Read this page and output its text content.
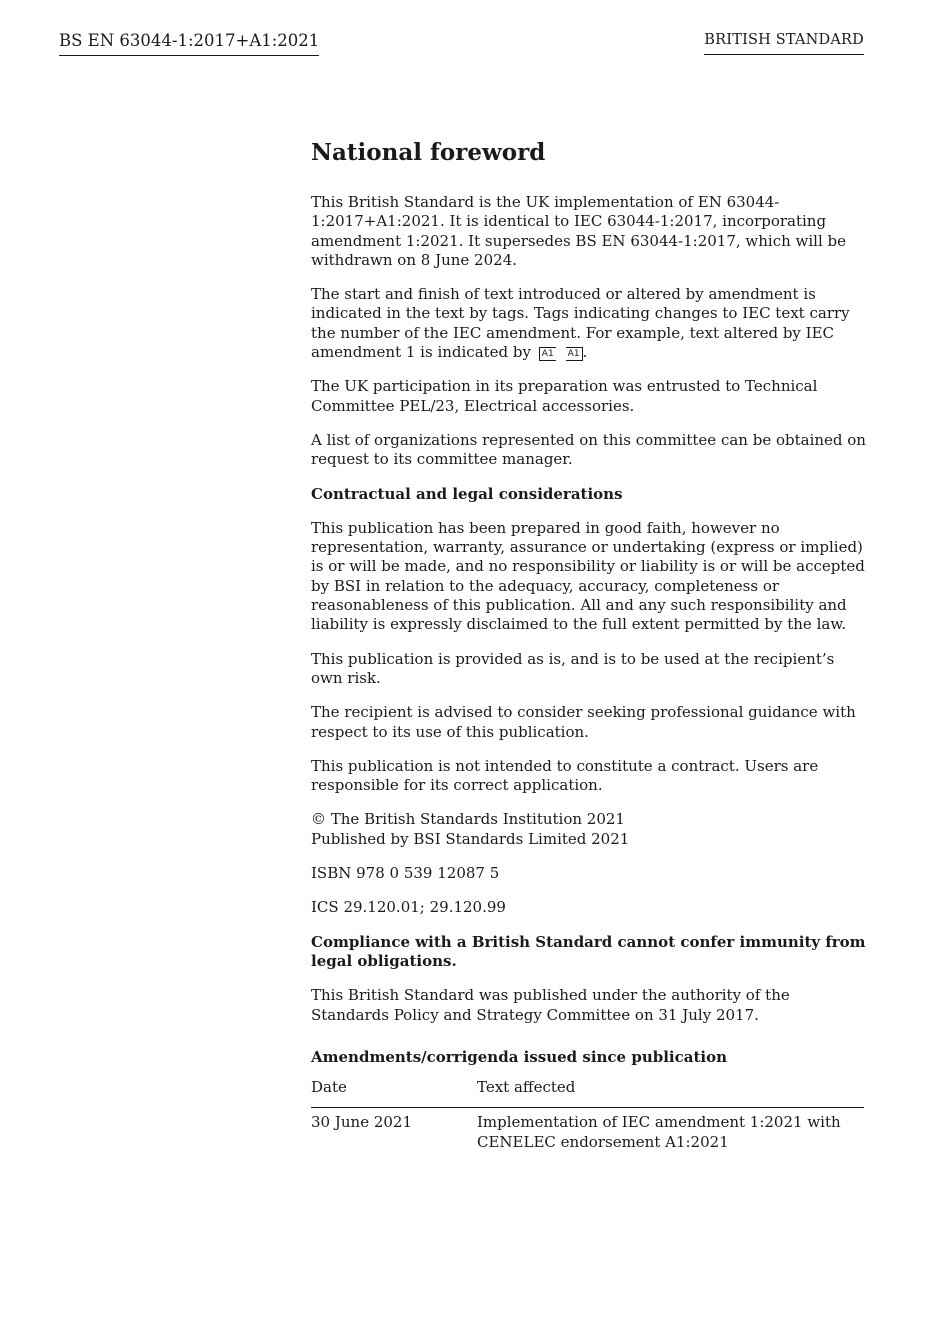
BS EN 63044-1:2017+A1:2021	BRITISH STANDARD
National foreword

This British Standard is the UK implementation of EN 63044-1:2017+A1:2021. It is identical to IEC 63044-1:2017, incorporating amendment 1:2021. It supersedes BS EN 63044-1:2017, which will be withdrawn on 8 June 2024.

The start and finish of text introduced or altered by amendment is indicated in the text by tags. Tags indicating changes to IEC text carry the number of the IEC amendment. For example, text altered by IEC amendment 1 is indicated by A1 A1 .

The UK participation in its preparation was entrusted to Technical Committee PEL/23, Electrical accessories.

A list of organizations represented on this committee can be obtained on request to its committee manager.

Contractual and legal considerations

This publication has been prepared in good faith, however no representation, warranty, assurance or undertaking (express or implied) is or will be made, and no responsibility or liability is or will be accepted by BSI in relation to the adequacy, accuracy, completeness or reasonableness of this publication. All and any such responsibility and liability is expressly disclaimed to the full extent permitted by the law.

This publication is provided as is, and is to be used at the recipient’s own risk.

The recipient is advised to consider seeking professional guidance with respect to its use of this publication.

This publication is not intended to constitute a contract. Users are responsible for its correct application.

© The British Standards Institution 2021
Published by BSI Standards Limited 2021

ISBN 978 0 539 12087 5

ICS 29.120.01; 29.120.99

Compliance with a British Standard cannot confer immunity from legal obligations.

This British Standard was published under the authority of the Standards Policy and Strategy Committee on 31 July 2017.

Amendments/corrigenda issued since publication

Date	Text affected
30 June 2021	Implementation of IEC amendment 1:2021 with CENELEC endorsement A1:2021
